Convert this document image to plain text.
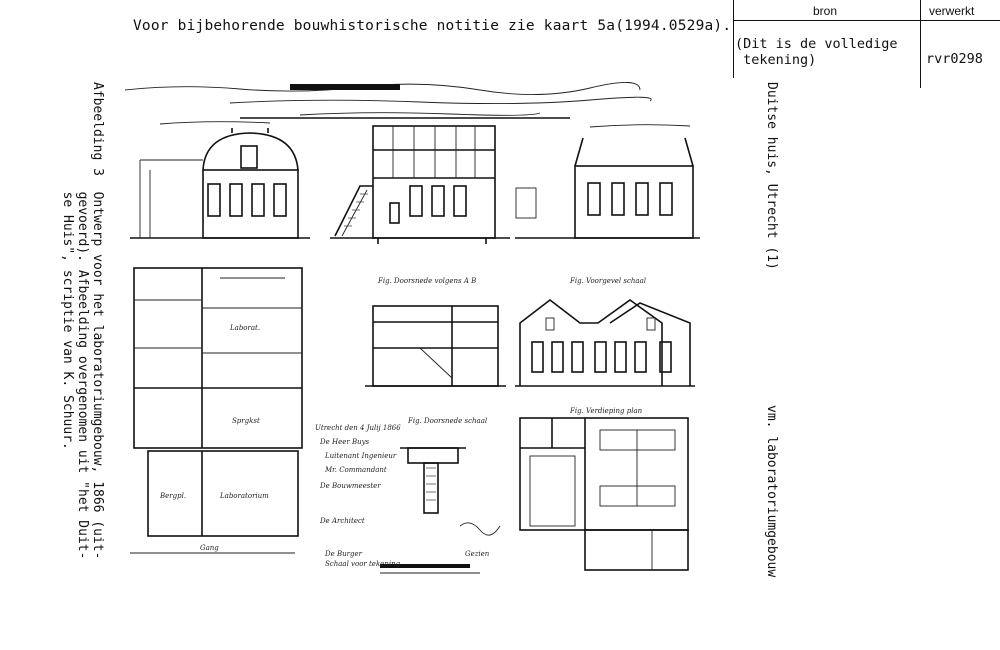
Voor bijbehorende bouwhistorische notitie zie kaart 5a(1994.0529a).
bron	verwerkt
(Dit is de volledige
tekening)	rvr0298
Afbeelding 3  Ontwerp voor het laboratoriumgebouw, 1866 (uit-
gevoerd). Afbeelding overgenomen uit "het Duit-
se Huis", scriptie van K. Schuur.
Duitse huis, Utrecht (1)
vm. laboratoriumgebouw
Laborat.
Sprgkst
Bergpl.	Laboratorium
Gang
Fig. Doorsnede volgens A B	Fig. Voorgevel schaal
Utrecht den 4 Julij 1866
De Heer Buys
Luitenant Ingenieur
Mr. Commandant
De Bouwmeester
De Architect
De Burger	Gezien
Schaal voor tekening
Fig. Doorsnede schaal
Fig. Verdieping plan
